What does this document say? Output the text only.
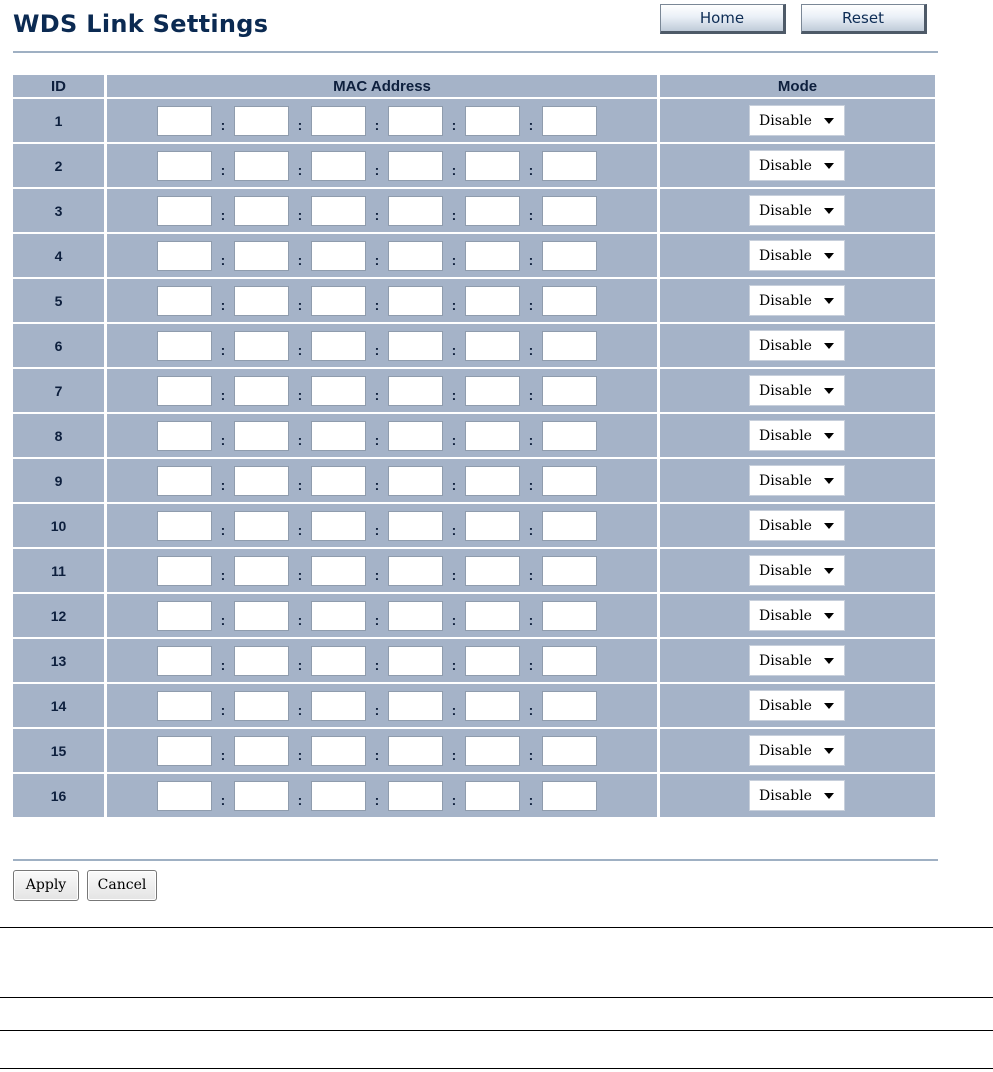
WDS Link Settings	Home	Reset
ID	MAC Address	Mode
1	: : : : :	Disable

2	: : : : :	Disable

3	: : : : :	Disable

4	: : : : :	Disable

5	: : : : :	Disable

6	: : : : :	Disable

7	: : : : :	Disable

8	: : : : :	Disable

9	: : : : :	Disable

10	: : : : :	Disable

11	: : : : :	Disable

12	: : : : :	Disable

13	: : : : :	Disable

14	: : : : :	Disable

15	: : : : :	Disable

16	: : : : :	Disable
Apply	Cancel
